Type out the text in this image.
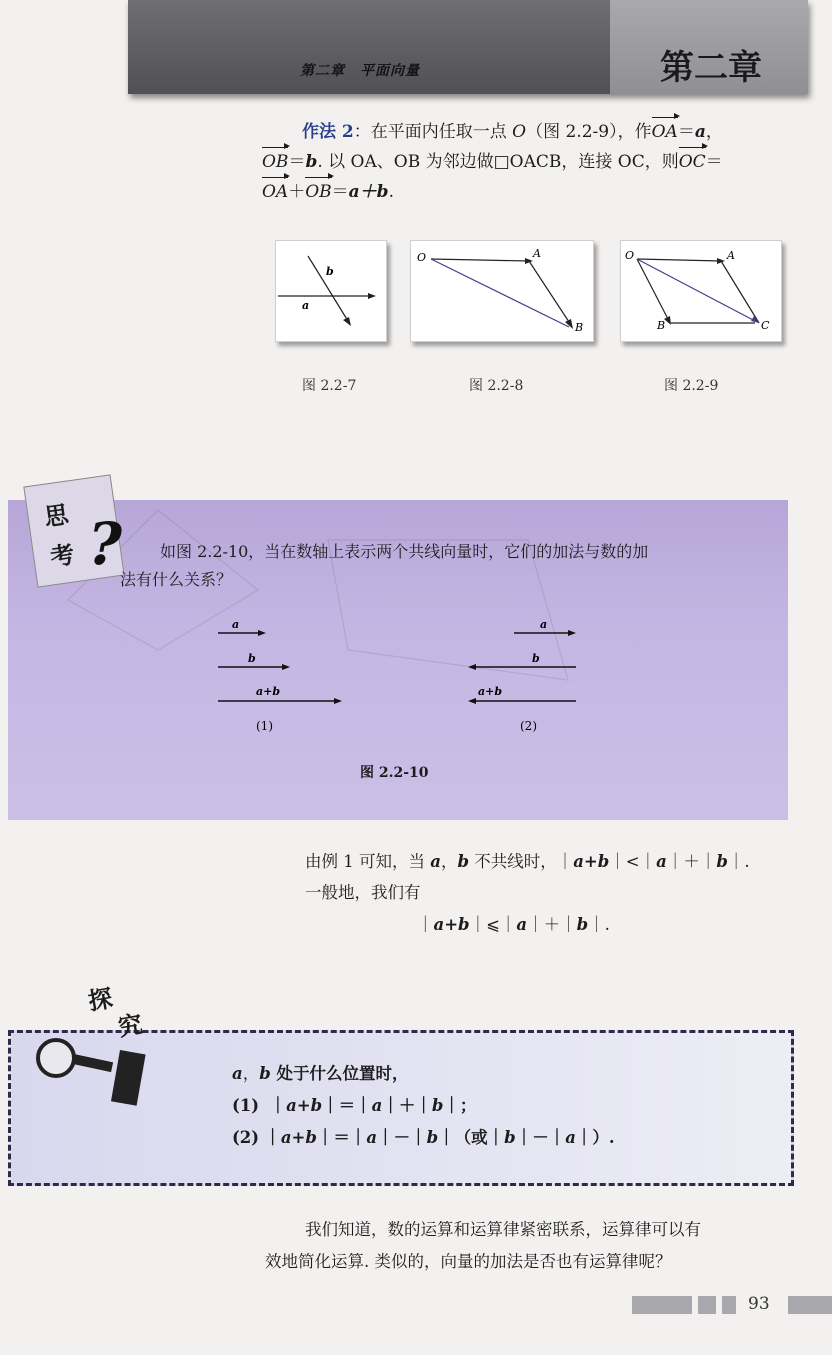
第二章　平面向量	第二章
作法 2：在平面内任取一点 O（图 2.2-9），作OA＝a，
OB＝b. 以 OA、OB 为邻边做□OACB，连接 OC，则OC＝
OA＋OB＝a＋b.
a
b
图 2.2-7
O	A
B
图 2.2-8
O	A
B	C
图 2.2-9
思
考 ? 如图 2.2-10，当在数轴上表示两个共线向量时，它们的加法与数的加
法有什么关系？
a
b
a+b
(1)
a
b
a+b
(2)
图 2.2-10
由例 1 可知，当 a，b 不共线时，｜a+b｜<｜a｜＋｜b｜.
一般地，我们有
｜a+b｜⩽｜a｜＋｜b｜.
探
究
a，b 处于什么位置时，
(1) ｜a+b｜＝｜a｜＋｜b｜；
(2) ｜a+b｜＝｜a｜－｜b｜（或｜b｜－｜a｜）.
我们知道，数的运算和运算律紧密联系，运算律可以有
效地简化运算. 类似的，向量的加法是否也有运算律呢？
93
